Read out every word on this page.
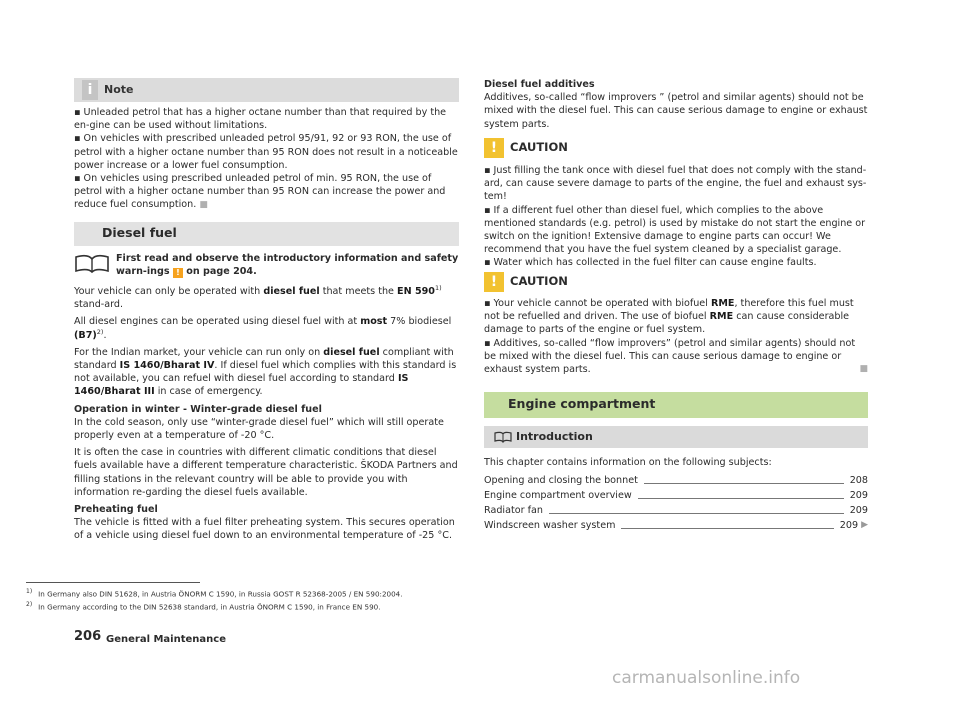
i	Note

▪ Unleaded petrol that has a higher octane number than that required by the en-gine can be used without limitations.

▪ On vehicles with prescribed unleaded petrol 95/91, 92 or 93 RON, the use of petrol with a higher octane number than 95 RON does not result in a noticeable power increase or a lower fuel consumption.

▪ On vehicles using prescribed unleaded petrol of min. 95 RON, the use of petrol with a higher octane number than 95 RON can increase the power and reduce fuel consumption. ■

Diesel fuel

First read and observe the introductory information and safety warn-ings ! on page 204.

Your vehicle can only be operated with diesel fuel that meets the EN 590$^{1)}$ stand-ard.

All diesel engines can be operated using diesel fuel with at most 7% biodiesel $(B7)^{2)}$.

For the Indian market, your vehicle can run only on diesel fuel compliant with standard IS 1460/Bharat IV. If diesel fuel which complies with this standard is not available, you can refuel with diesel fuel according to standard IS 1460/Bharat III in case of emergency.

Operation in winter - Winter-grade diesel fuel

In the cold season, only use “winter-grade diesel fuel” which will still operate properly even at a temperature of -20 °C.

It is often the case in countries with different climatic conditions that diesel fuels available have a different temperature characteristic. ŠKODA Partners and filling stations in the relevant country will be able to provide you with information re-garding the diesel fuels available.

Preheating fuel

The vehicle is fitted with a fuel filter preheating system. This secures operation of a vehicle using diesel fuel down to an environmental temperature of -25 °C.

Diesel fuel additives

Additives, so-called “flow improvers ” (petrol and similar agents) should not be mixed with the diesel fuel. This can cause serious damage to engine or exhaust system parts.

!	CAUTION

▪ Just filling the tank once with diesel fuel that does not comply with the stand-ard, can cause severe damage to parts of the engine, the fuel and exhaust sys-tem!

▪ If a different fuel other than diesel fuel, which complies to the above mentioned standards (e.g. petrol) is used by mistake do not start the engine or switch on the ignition! Extensive damage to engine parts can occur! We recommend that you have the fuel system cleaned by a specialist garage.

▪ Water which has collected in the fuel filter can cause engine faults.

!	CAUTION

▪ Your vehicle cannot be operated with biofuel RME, therefore this fuel must not be refuelled and driven. The use of biofuel RME can cause considerable damage to parts of the engine or fuel system.

▪ Additives, so-called “flow improvers” (petrol and similar agents) should not be mixed with the diesel fuel. This can cause serious damage to engine or exhaust system parts.	■

Engine compartment
Introduction
This chapter contains information on the following subjects:
Opening and closing the bonnet	208
Engine compartment overview	209
Radiator fan	209
Windscreen washer system	209 ▶
$^{1)}$ In Germany also DIN 51628, in Austria ÖNORM C 1590, in Russia GOST R 52368-2005 / EN 590:2004.
$^{2)}$ In Germany according to the DIN 52638 standard, in Austria ÖNORM C 1590, in France EN 590.
206 General Maintenance
carmanualsonline.info
